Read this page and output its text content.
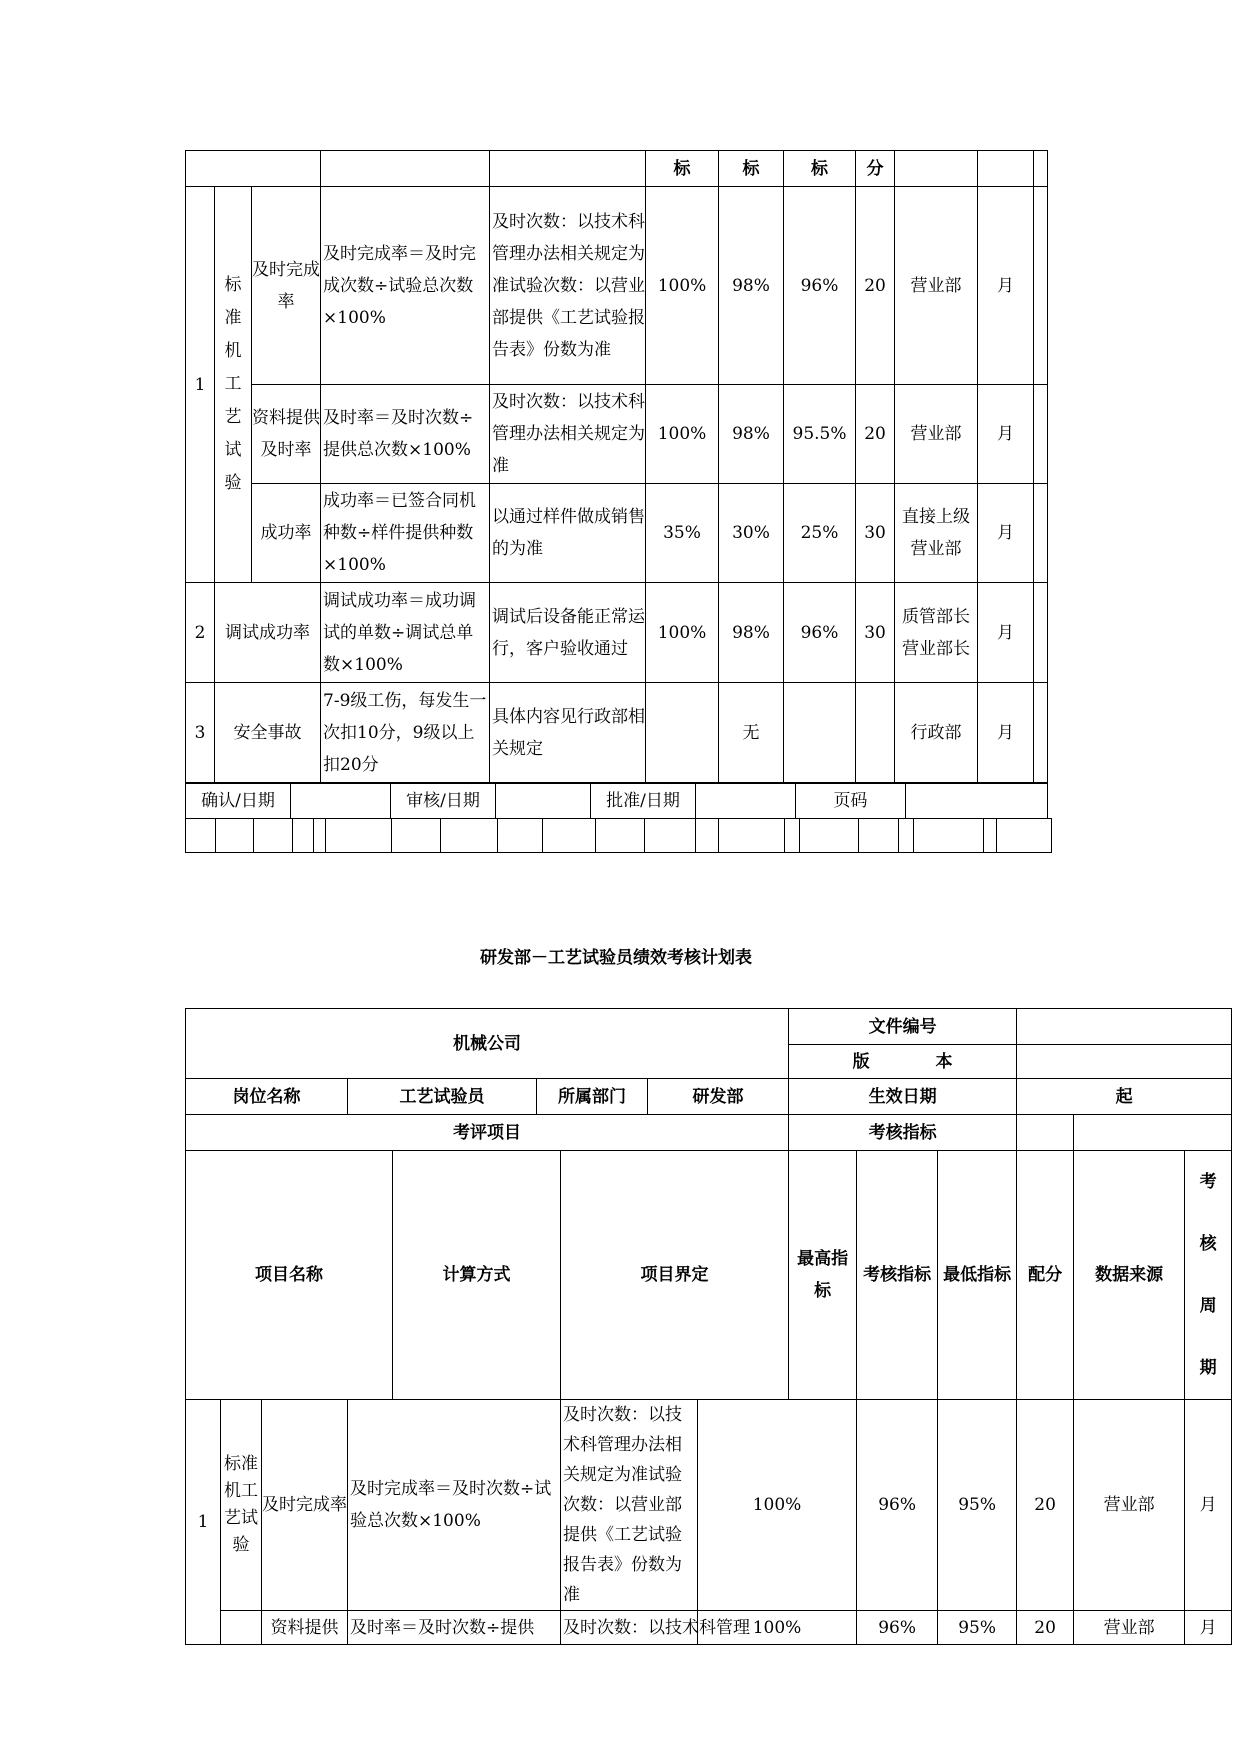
					标	标	标	分			
1	标准机工艺试验	及时完成率	及时完成率＝及时完成次数÷试验总次数×100%	及时次数：以技术科管理办法相关规定为准试验次数：以营业部提供《工艺试验报告表》份数为准	100%	98%	96%	20	营业部	月	
		资料提供及时率	及时率＝及时次数÷提供总次数×100%	及时次数：以技术科管理办法相关规定为准	100%	98%	95.5%	20	营业部	月	
		成功率	成功率＝已签合同机种数÷样件提供种数×100%	以通过样件做成销售的为准	35%	30%	25%	30	直接上级营业部	月	
2	调试成功率		调试成功率＝成功调试的单数÷调试总单数×100%	调试后设备能正常运行，客户验收通过	100%	98%	96%	30	质管部长营业部长	月	
3	安全事故		7-9级工伤，每发生一次扣10分，9级以上扣20分	具体内容见行政部相关规定		无			行政部	月	
确认/日期		审核/日期		批准/日期		页码	

研发部－工艺试验员绩效考核计划表
机械公司									文件编号					
									版 本					
岗位名称			工艺试验员		所属部门		研发部		生效日期			起		
考评项目									考核指标					
项目名称				计算方式		项目界定			最高指标	考核指标	最低指标	配分	数据来源	考核周期

1	标准机工艺试验	及时完成率	及时完成率＝及时次数÷试验总次数×100%			及时次数：以技术科管理办法相关规定为准试验次数：以营业部提供《工艺试验报告表》份数为准		100%		96%	95%	20	营业部	月
		资料提供	及时率＝及时次数÷提供			及时次数：以技术科管理		100%		96%	95%	20	营业部	月
